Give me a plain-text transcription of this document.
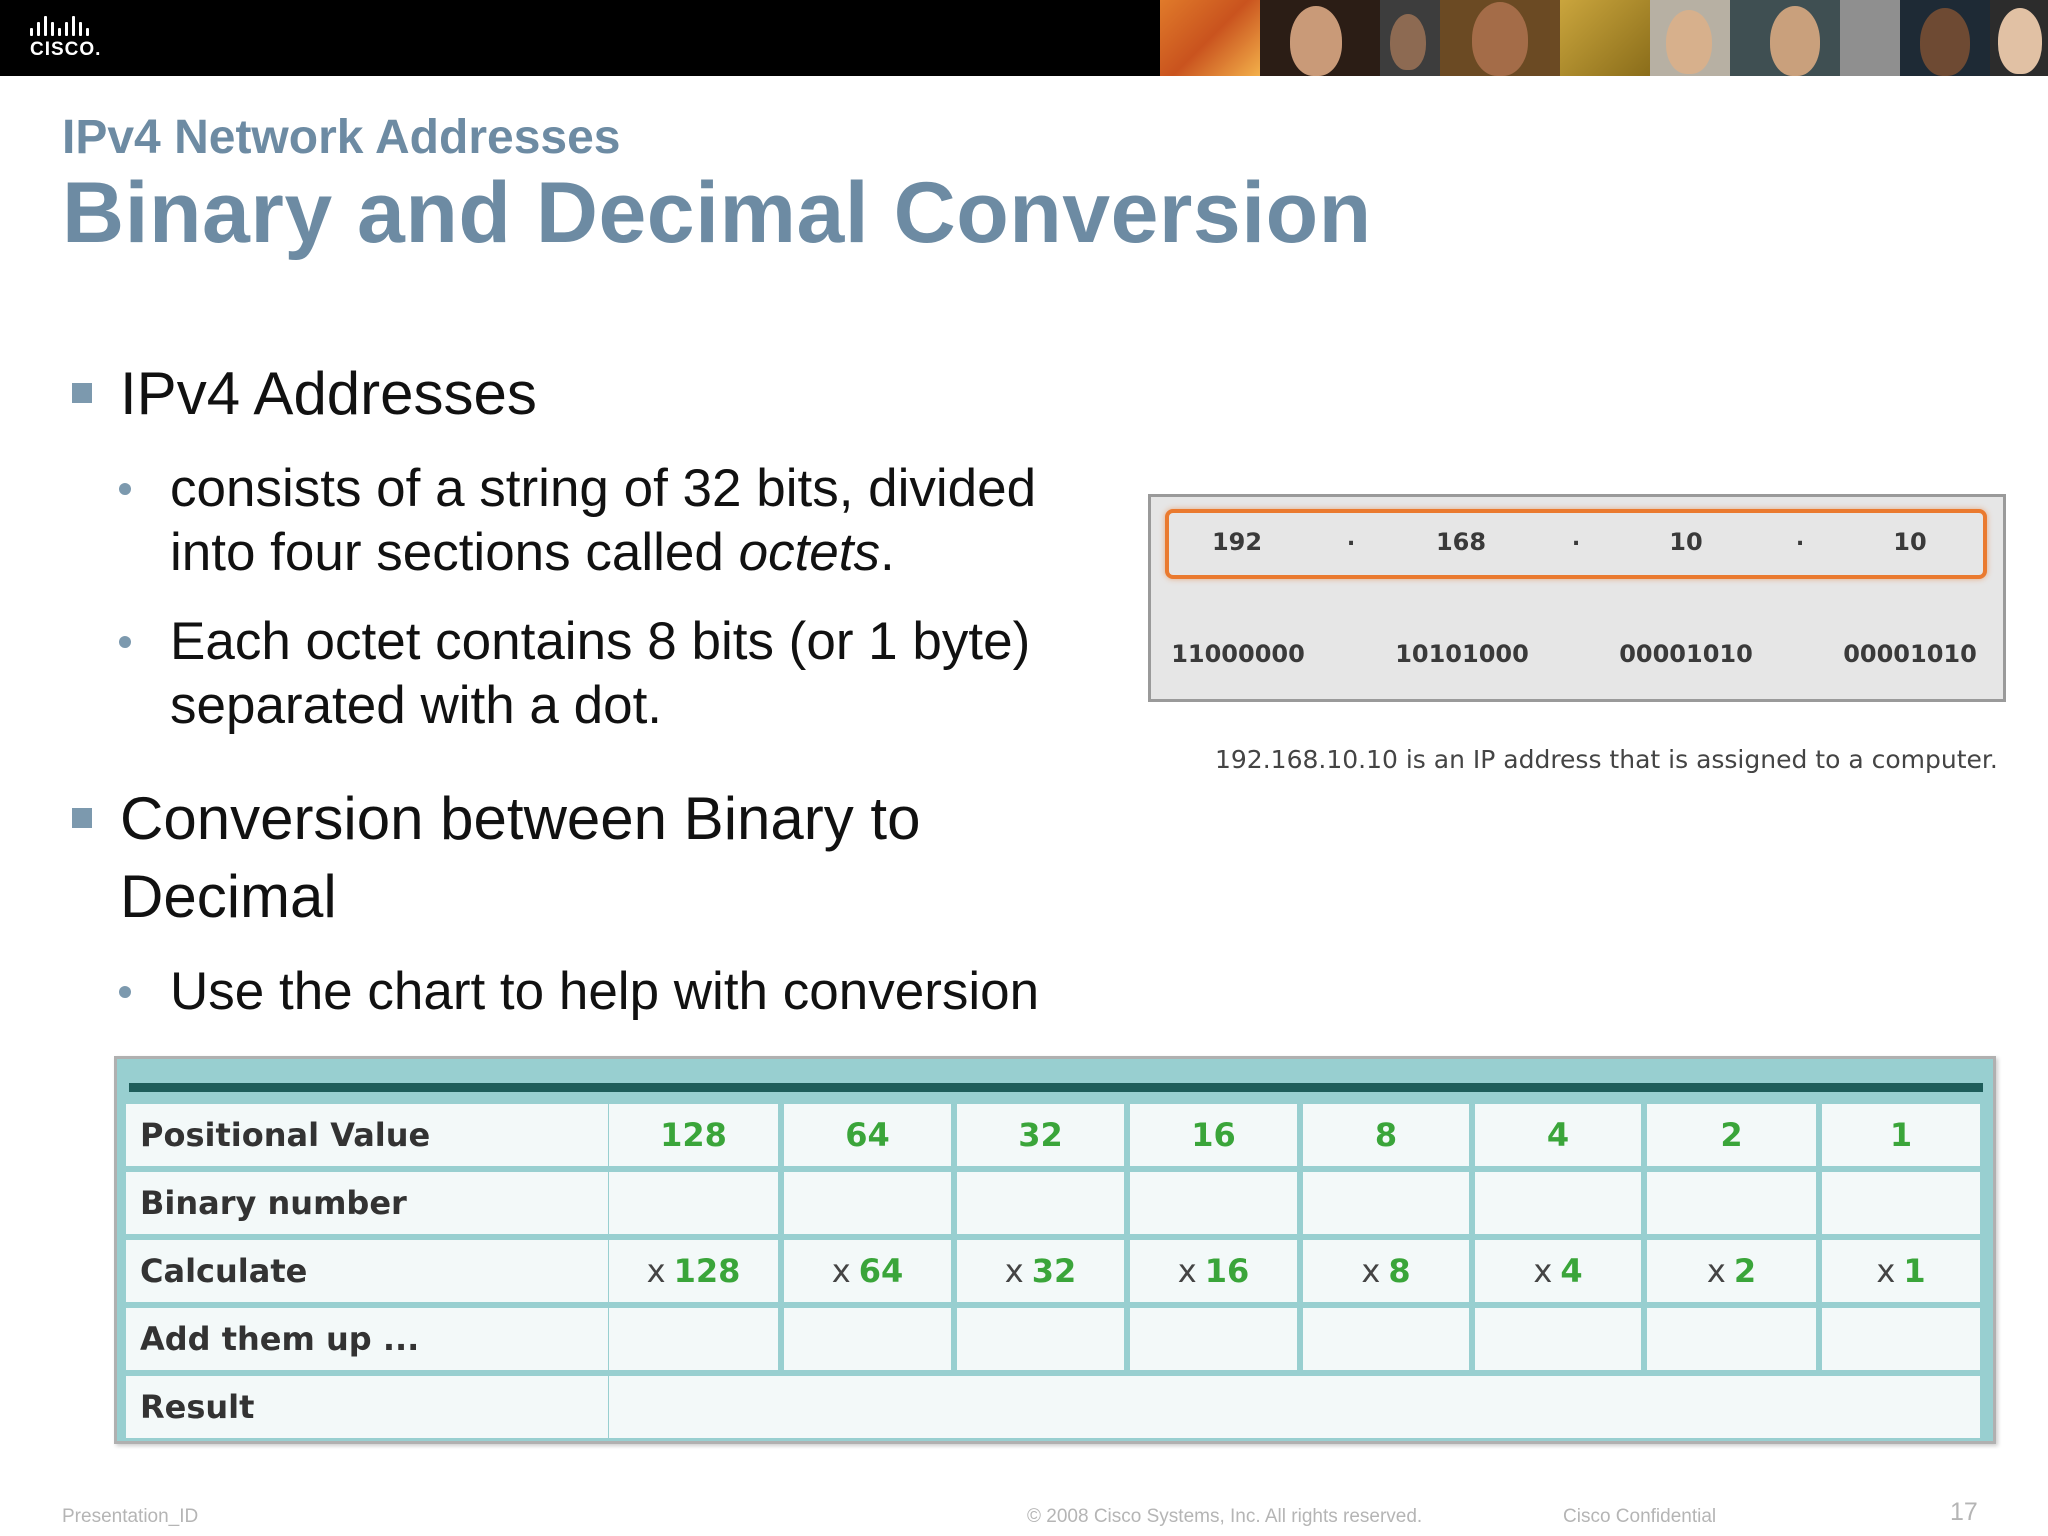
CISCO.
IPv4 Network Addresses
Binary and Decimal Conversion
IPv4 Addresses
consists of a string of 32 bits, divided
into four sections called octets.
Each octet contains 8 bits (or 1 byte)
separated with a dot.
Conversion between Binary to
Decimal
Use the chart to help with conversion
192	.	168	.	10	.	10
11000000	10101000	00001010	00001010
192.168.10.10 is an IP address that is assigned to a computer.
Positional Value	128	64	32	16	8	4	2	1
Binary number
Calculate	x 128	x 64	x 32	x 16	x 8	x 4	x 2	x 1
Add them up ...
Result
Presentation_ID	© 2008 Cisco Systems, Inc. All rights reserved.	Cisco Confidential	17
